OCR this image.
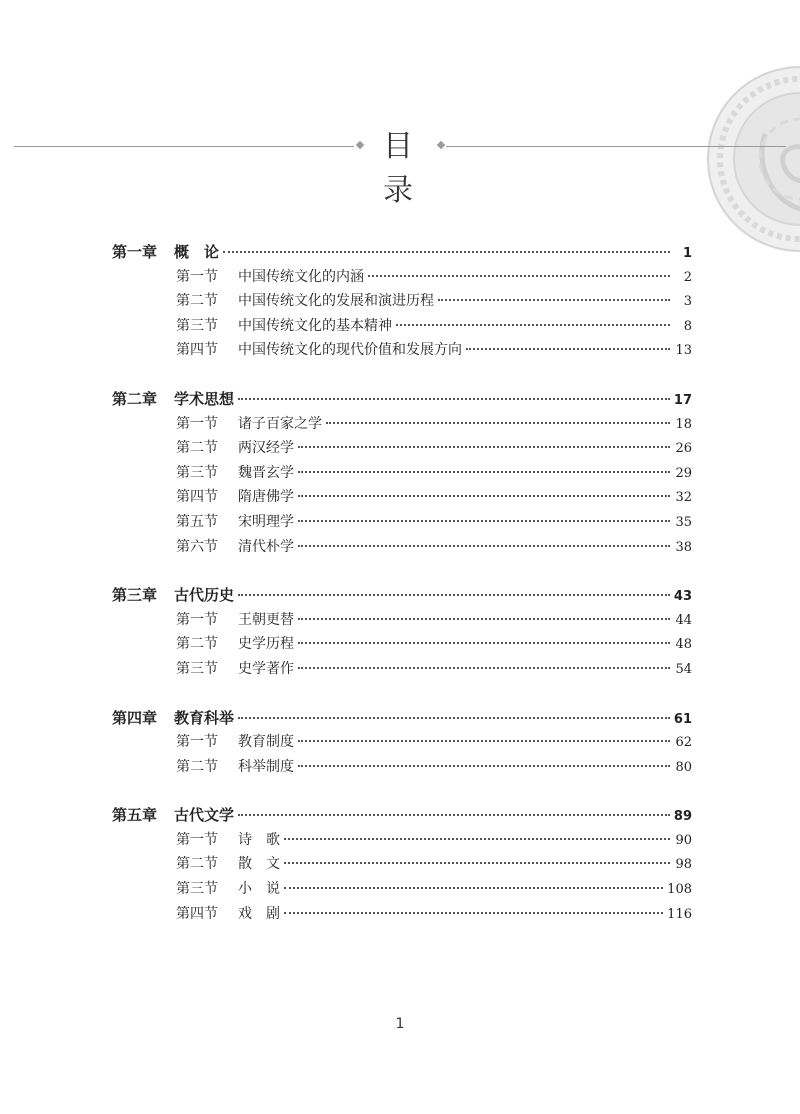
目录
第一章	概　论	1
第一节	中国传统文化的内涵	2
第二节	中国传统文化的发展和演进历程	3
第三节	中国传统文化的基本精神	8
第四节	中国传统文化的现代价值和发展方向	13
第二章	学术思想	17
第一节	诸子百家之学	18
第二节	两汉经学	26
第三节	魏晋玄学	29
第四节	隋唐佛学	32
第五节	宋明理学	35
第六节	清代朴学	38
第三章	古代历史	43
第一节	王朝更替	44
第二节	史学历程	48
第三节	史学著作	54
第四章	教育科举	61
第一节	教育制度	62
第二节	科举制度	80
第五章	古代文学	89
第一节	诗　歌	90
第二节	散　文	98
第三节	小　说	108
第四节	戏　剧	116
1
